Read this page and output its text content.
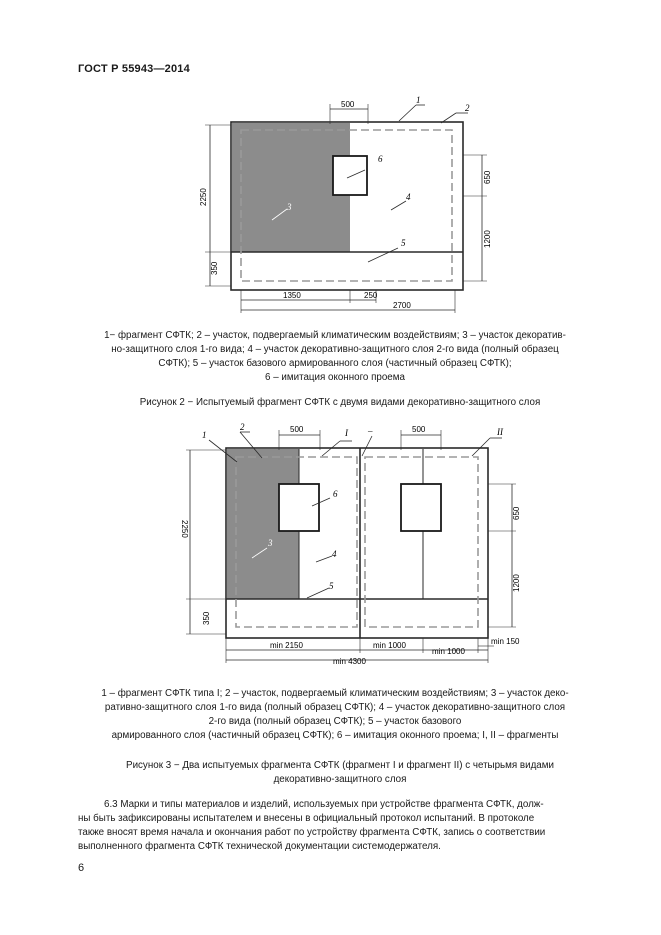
ГОСТ Р 55943—2014
500
2250
350
650
1200
1350	250
2700
1
2
3
6
4
5
1− фрагмент СФТК; 2 – участок, подвергаемый климатическим воздействиям; 3 – участок декоратив-
но-защитного слоя 1-го вида; 4 – участок декоративно-защитного слоя 2-го вида (полный образец
СФТК); 5 – участок базового армированного слоя (частичный образец СФТК);
6 – имитация оконного проема
Рисунок 2 − Испытуемый фрагмент СФТК с двумя видами декоративно-защитного слоя
500	500
2250
350
650
1200
min 2150	min 1000
min 1000
min 150
min 4300
1
2
I –	II
3
6
4
5
1 – фрагмент СФТК типа I; 2 – участок, подвергаемый климатическим воздействиям; 3 – участок деко-
ративно-защитного слоя 1-го вида (полный образец СФТК); 4 – участок декоративно-защитного слоя
2-го вида (полный образец СФТК); 5 – участок базового
армированного слоя (частичный образец СФТК); 6 – имитация оконного проема; I, II – фрагменты
Рисунок 3 − Два испытуемых фрагмента СФТК (фрагмент I и фрагмент II) с четырьмя видами
декоративно-защитного слоя
6.3 Марки и типы материалов и изделий, используемых при устройстве фрагмента СФТК, долж-
ны быть зафиксированы испытателем и внесены в официальный протокол испытаний. В протоколе
также вносят время начала и окончания работ по устройству фрагмента СФТК, запись о соответствии
выполненного фрагмента СФТК технической документации системодержателя.
6
